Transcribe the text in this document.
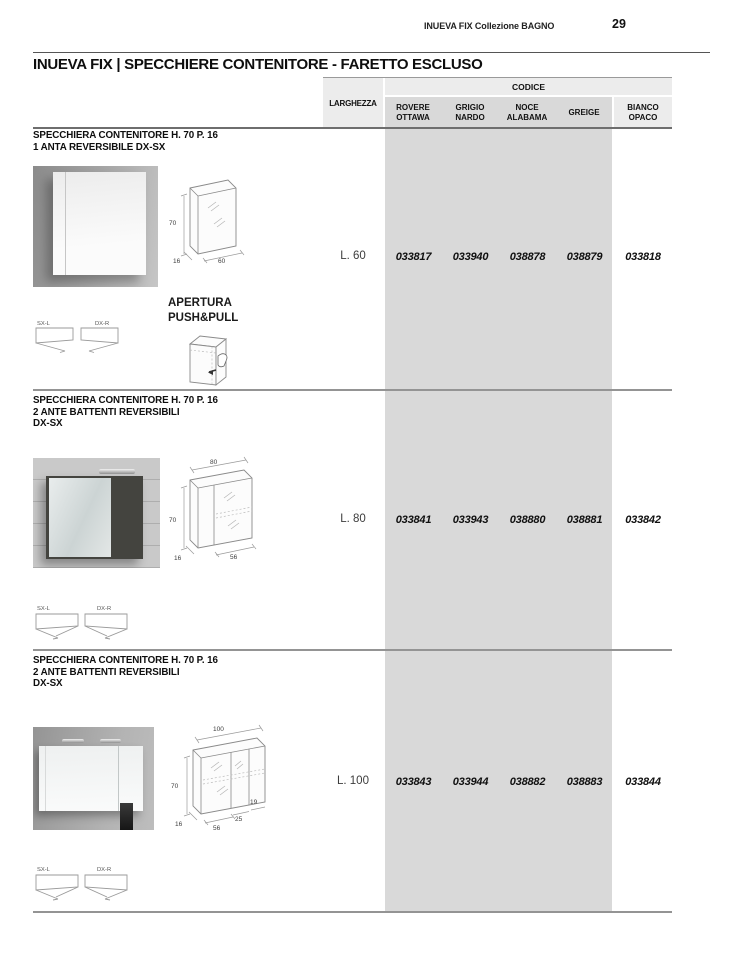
INUEVA FIX Collezione BAGNO	29
INUEVA FIX | SPECCHIERE CONTENITORE - FARETTO ESCLUSO
LARGHEZZA
CODICE
ROVERE OTTAWA
GRIGIO NARDO
NOCE ALABAMA
GREIGE
BIANCO OPACO
SPECCHIERA CONTENITORE H. 70 P. 16
1 ANTA REVERSIBILE DX-SX
70
16	60	L. 60	033817	033940	038878	038879	033818
APERTURA
PUSH&PULL
SX-L	DX-R
SPECCHIERA CONTENITORE H. 70 P. 16
2 ANTE BATTENTI REVERSIBILI
DX-SX
80
70
16	56
L. 80	033841	033943	038880	038881	033842
SX-L	DX-R
SPECCHIERA CONTENITORE H. 70 P. 16
2 ANTE BATTENTI REVERSIBILI
DX-SX
100
70
16
56
25
19
L. 100	033843	033944	038882	038883	033844
SX-L	DX-R
